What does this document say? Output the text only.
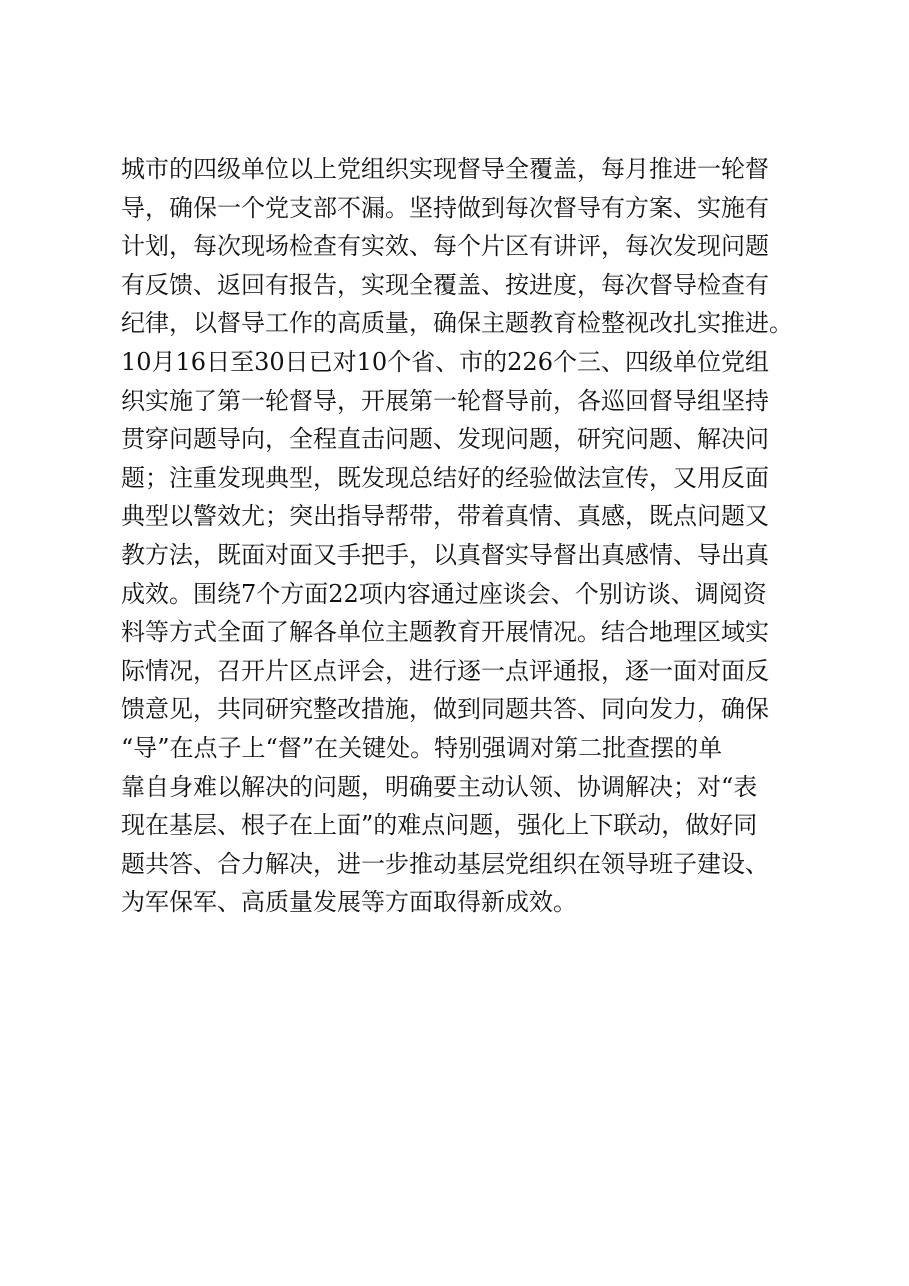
城市的四级单位以上党组织实现督导全覆盖，每月推进一轮督
导，确保一个党支部不漏。坚持做到每次督导有方案、实施有
计划，每次现场检查有实效、每个片区有讲评，每次发现问题
有反馈、返回有报告，实现全覆盖、按进度，每次督导检查有
纪律，以督导工作的高质量，确保主题教育检整视改扎实推进。
10月16日至30日已对10个省、市的226个三、四级单位党组
织实施了第一轮督导，开展第一轮督导前，各巡回督导组坚持
贯穿问题导向，全程直击问题、发现问题，研究问题、解决问
题；注重发现典型，既发现总结好的经验做法宣传，又用反面
典型以警效尤；突出指导帮带，带着真情、真感，既点问题又
教方法，既面对面又手把手，以真督实导督出真感情、导出真
成效。围绕7个方面22项内容通过座谈会、个别访谈、调阅资
料等方式全面了解各单位主题教育开展情况。结合地理区域实
际情况，召开片区点评会，进行逐一点评通报，逐一面对面反
馈意见，共同研究整改措施，做到同题共答、同向发力，确保
“导”在点子上“督”在关键处。特别强调对第二批查摆的单
靠自身难以解决的问题，明确要主动认领、协调解决；对“表
现在基层、根子在上面”的难点问题，强化上下联动，做好同
题共答、合力解决，进一步推动基层党组织在领导班子建设、
为军保军、高质量发展等方面取得新成效。
